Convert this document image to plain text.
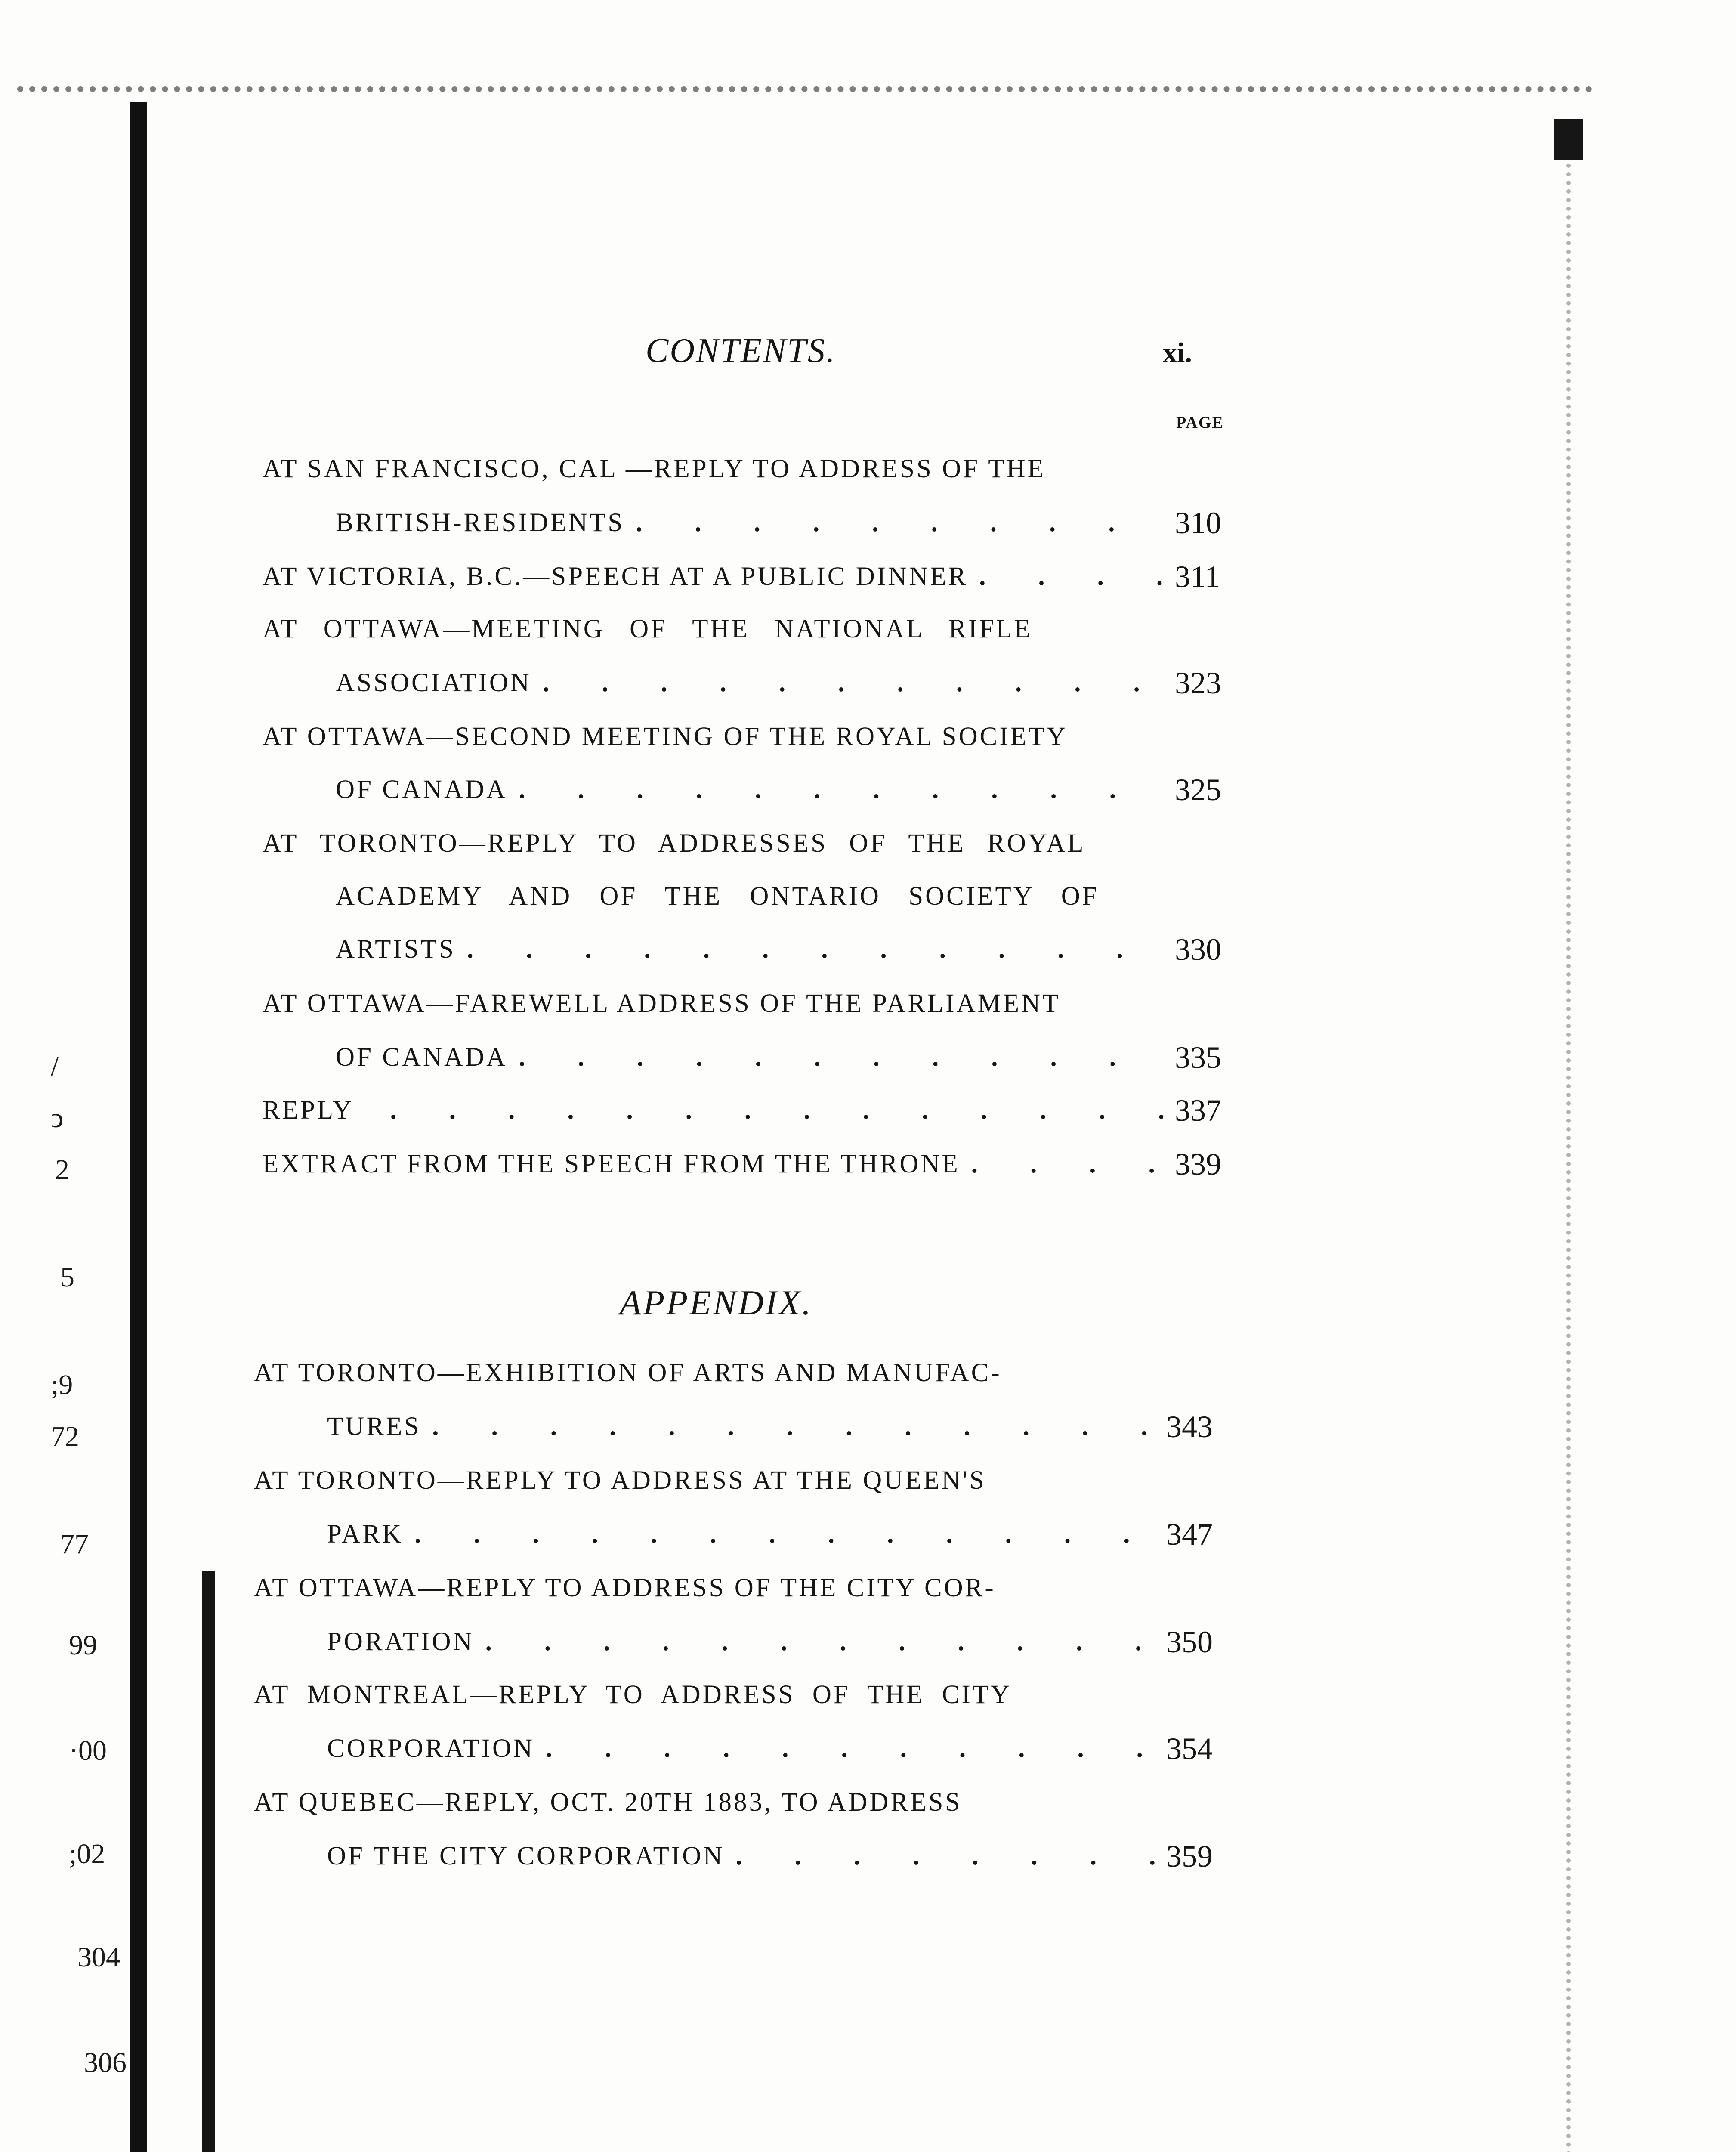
CONTENTS.	xi.
PAGE
AT SAN FRANCISCO, CAL —REPLY TO ADDRESS OF THE
BRITISH-RESIDENTS .	310
AT VICTORIA, B.C.—SPEECH AT A PUBLIC DINNER .	311
AT OTTAWA—MEETING OF THE NATIONAL RIFLE
ASSOCIATION .	323
AT OTTAWA—SECOND MEETING OF THE ROYAL SOCIETY
OF CANADA .	325
AT TORONTO—REPLY TO ADDRESSES OF THE ROYAL
ACADEMY AND OF THE ONTARIO SOCIETY OF
ARTISTS .	330
AT OTTAWA—FAREWELL ADDRESS OF THE PARLIAMENT
OF CANADA .	335
REPLY .	337
EXTRACT FROM THE SPEECH FROM THE THRONE .	339
APPENDIX.
AT TORONTO—EXHIBITION OF ARTS AND MANUFAC-
TURES .	343
AT TORONTO—REPLY TO ADDRESS AT THE QUEEN'S
PARK .	347
AT OTTAWA—REPLY TO ADDRESS OF THE CITY COR-
PORATION .	350
AT MONTREAL—REPLY TO ADDRESS OF THE CITY
CORPORATION .	354
AT QUEBEC—REPLY, OCT. 20TH 1883, TO ADDRESS
OF THE CITY CORPORATION .	359
/
ↄ
2
5
;9
72
77
99
·00
;02
304
306
